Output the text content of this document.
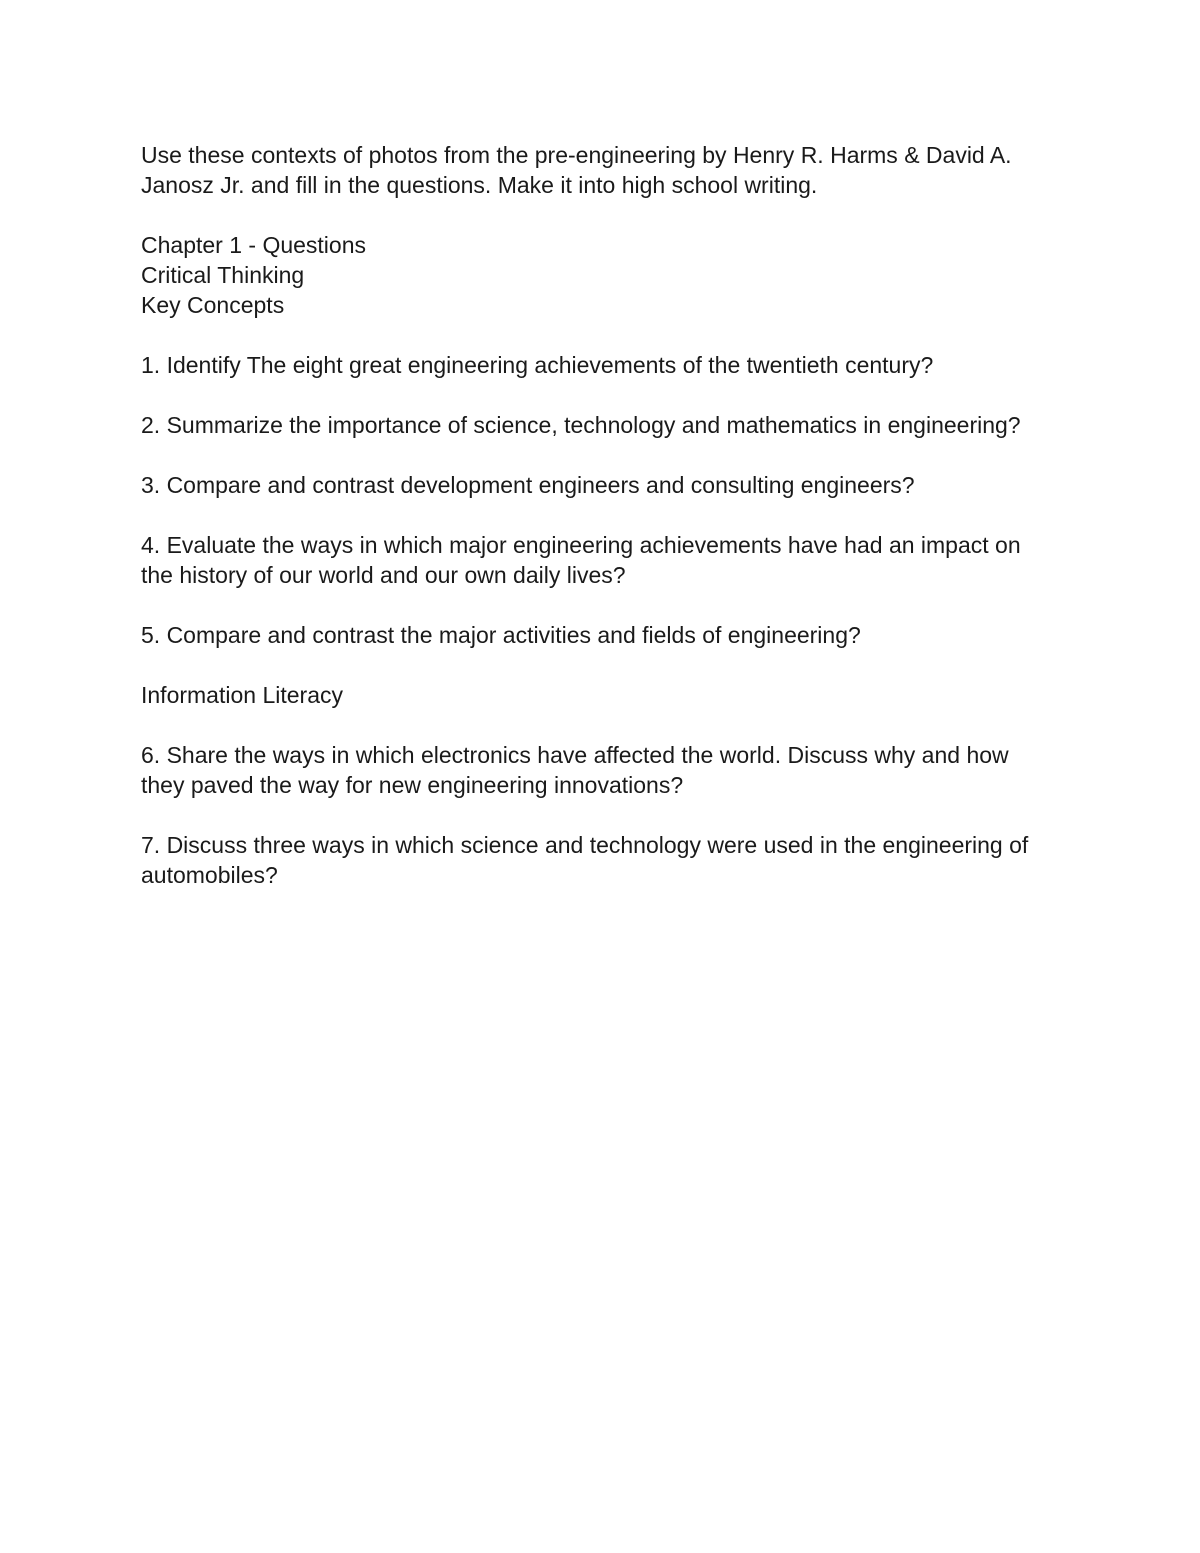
Use these contexts of photos from the pre-engineering by Henry R. Harms & David A.

Janosz Jr. and fill in the questions. Make it into high school writing.

Chapter 1 - Questions

Critical Thinking

Key Concepts

1. Identify The eight great engineering achievements of the twentieth century?

2. Summarize the importance of science, technology and mathematics in engineering?

3. Compare and contrast development engineers and consulting engineers?

4. Evaluate the ways in which major engineering achievements have had an impact on

the history of our world and our own daily lives?

5. Compare and contrast the major activities and fields of engineering?

Information Literacy

6. Share the ways in which electronics have affected the world. Discuss why and how

they paved the way for new engineering innovations?

7. Discuss three ways in which science and technology were used in the engineering of

automobiles?
